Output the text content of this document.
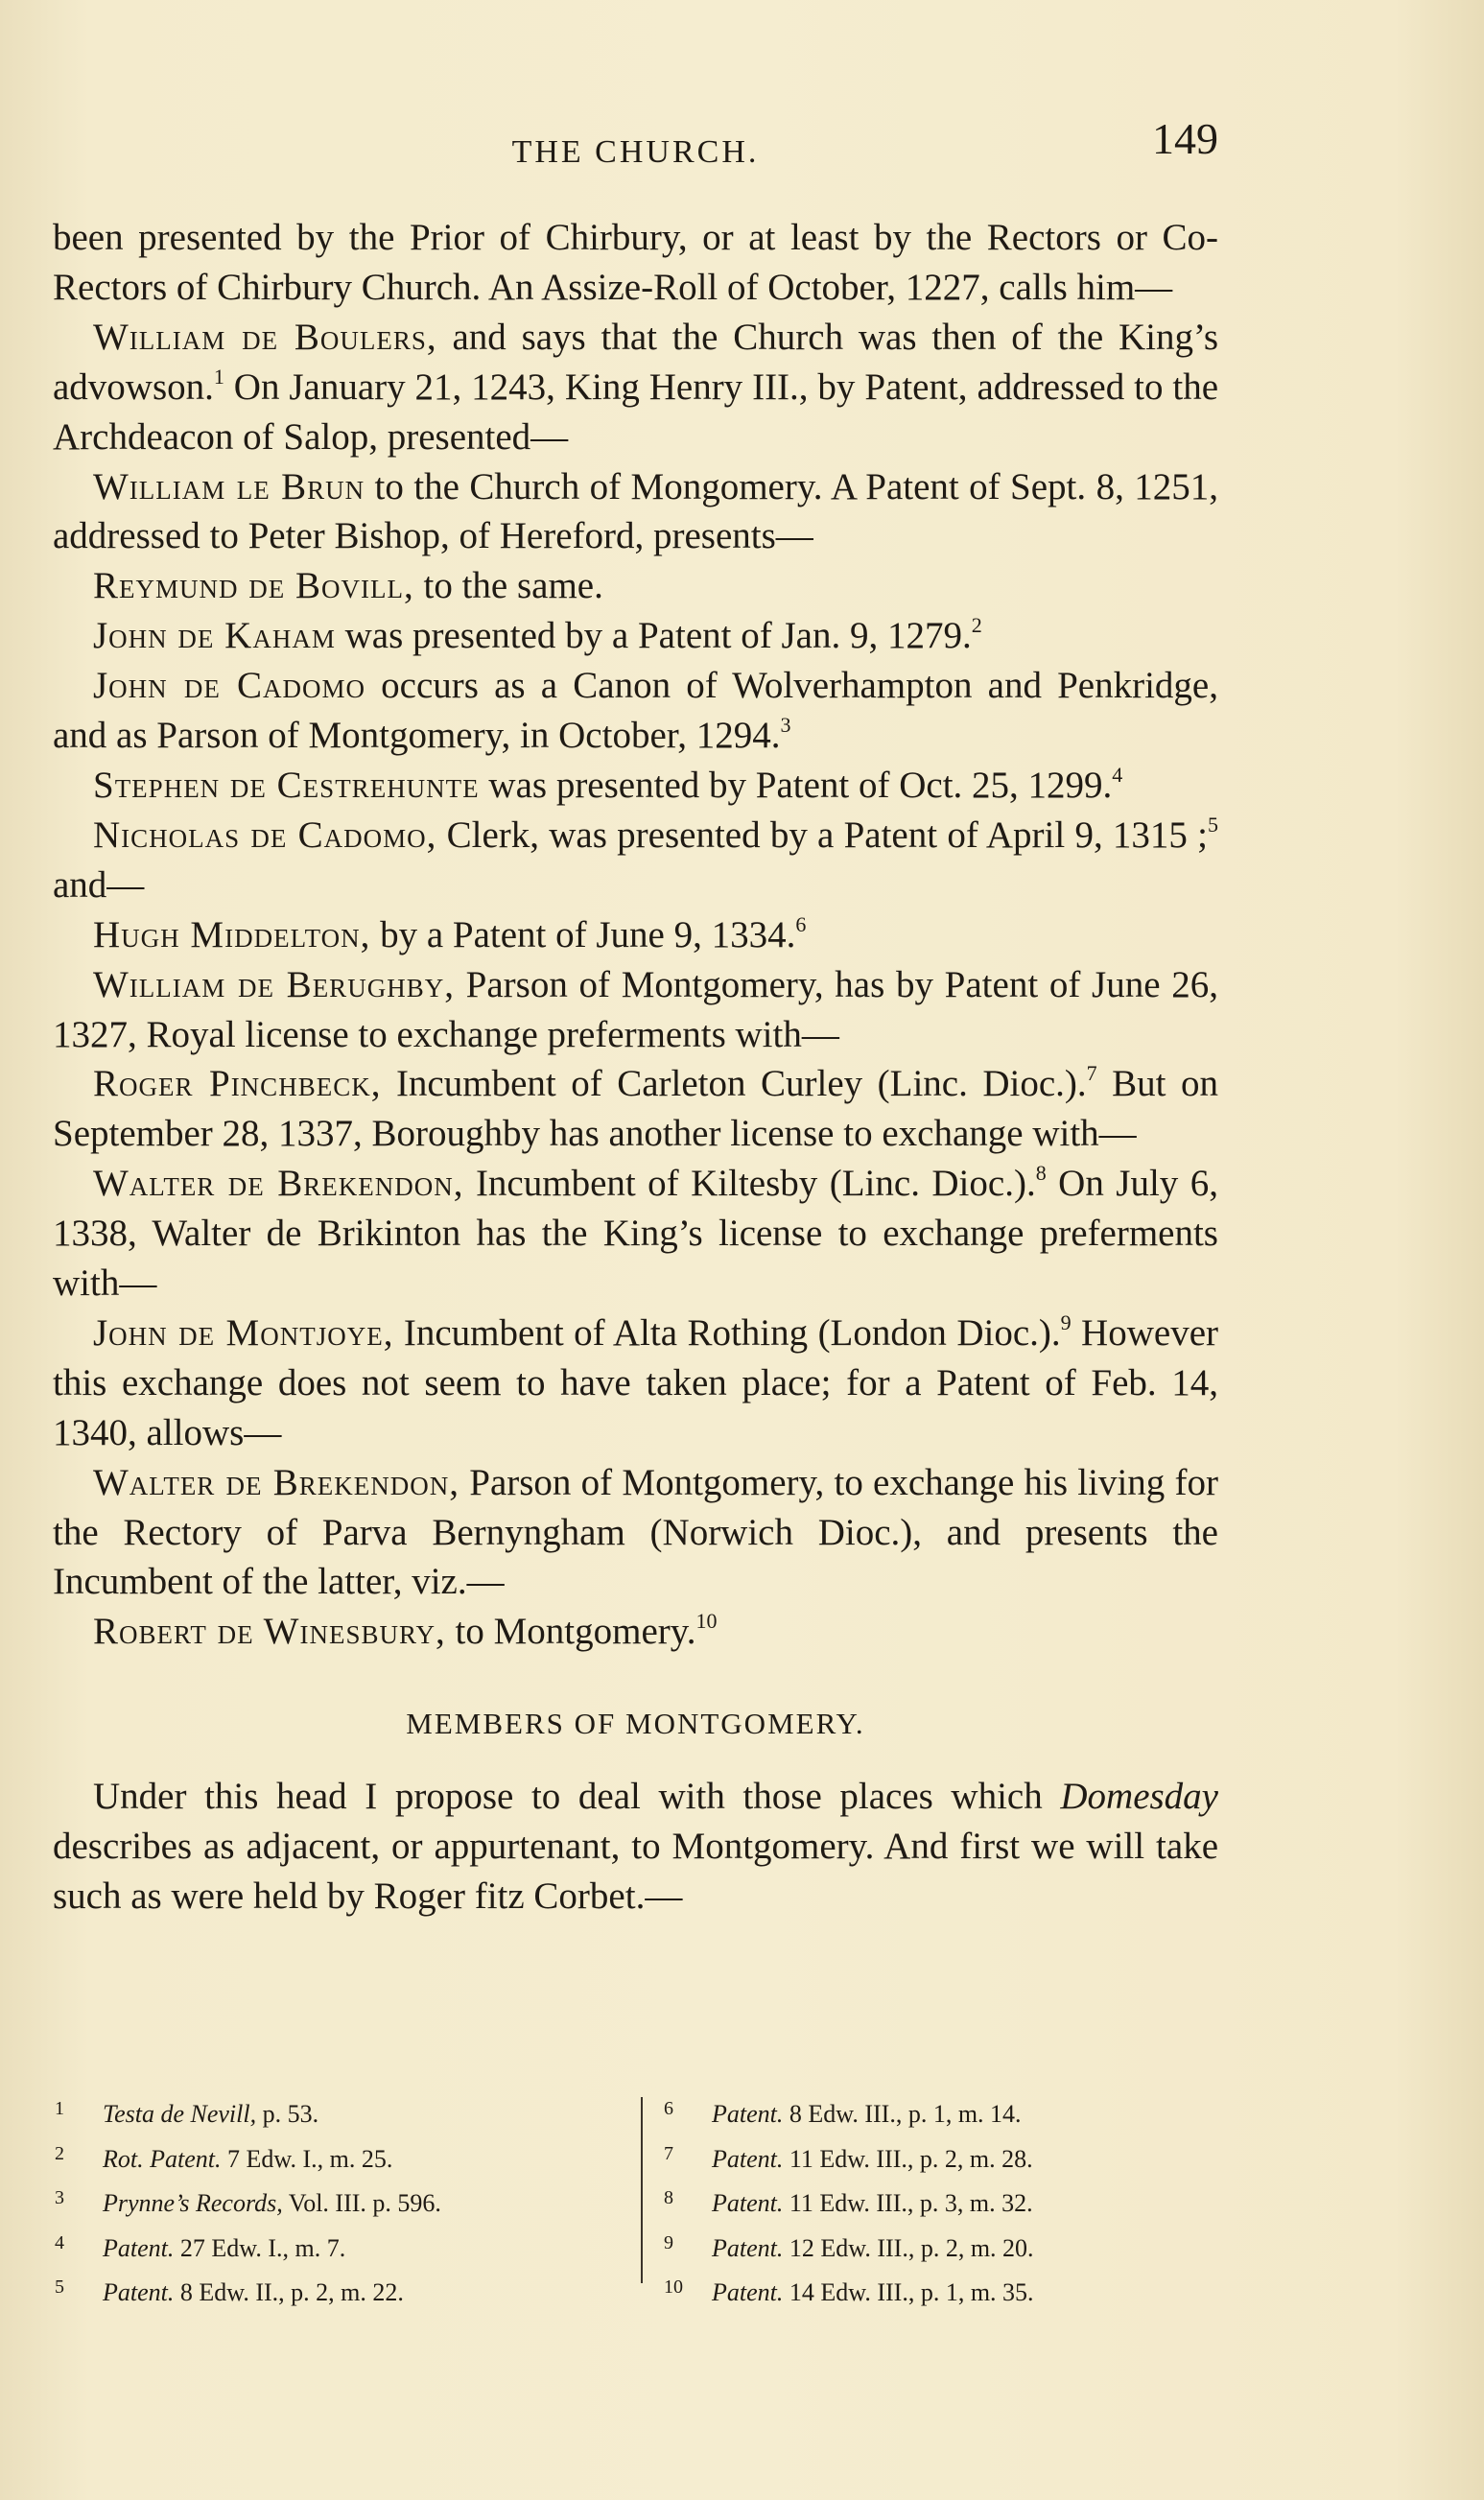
THE CHURCH.	149

been presented by the Prior of Chirbury, or at least by the Rectors or Co-Rectors of Chirbury Church. An Assize-Roll of October, 1227, calls him—

William de Boulers, and says that the Church was then of the King’s advowson.$^1$ On January 21, 1243, King Henry III., by Patent, addressed to the Archdeacon of Salop, presented—

William le Brun to the Church of Mongomery. A Patent of Sept. 8, 1251, addressed to Peter Bishop, of Hereford, presents—

Reymund de Bovill, to the same.

John de Kaham was presented by a Patent of Jan. 9, 1279.$^2$

John de Cadomo occurs as a Canon of Wolverhampton and Penkridge, and as Parson of Montgomery, in October, 1294.$^3$

Stephen de Cestrehunte was presented by Patent of Oct. 25, 1299.$^4$

Nicholas de Cadomo, Clerk, was presented by a Patent of April 9, 1315 ;$^5$ and—

Hugh Middelton, by a Patent of June 9, 1334.$^6$

William de Berughby, Parson of Montgomery, has by Patent of June 26, 1327, Royal license to exchange preferments with—

Roger Pinchbeck, Incumbent of Carleton Curley (Linc. Dioc.).$^7$ But on September 28, 1337, Boroughby has another license to exchange with—

Walter de Brekendon, Incumbent of Kiltesby (Linc. Dioc.).$^8$ On July 6, 1338, Walter de Brikinton has the King’s license to exchange preferments with—

John de Montjoye, Incumbent of Alta Rothing (London Dioc.).$^9$ However this exchange does not seem to have taken place; for a Patent of Feb. 14, 1340, allows—

Walter de Brekendon, Parson of Montgomery, to exchange his living for the Rectory of Parva Bernyngham (Norwich Dioc.), and presents the Incumbent of the latter, viz.—

Robert de Winesbury, to Montgomery.$^{10}$

MEMBERS OF MONTGOMERY.

Under this head I propose to deal with those places which Domesday describes as adjacent, or appurtenant, to Montgomery. And first we will take such as were held by Roger fitz Corbet.—

1 Testa de Nevill, p. 53.
2 Rot. Patent. 7 Edw. I., m. 25.
3 Prynne’s Records, Vol. III. p. 596.
4 Patent. 27 Edw. I., m. 7.
5 Patent. 8 Edw. II., p. 2, m. 22.
6 Patent. 8 Edw. III., p. 1, m. 14.
7 Patent. 11 Edw. III., p. 2, m. 28.
8 Patent. 11 Edw. III., p. 3, m. 32.
9 Patent. 12 Edw. III., p. 2, m. 20.
10 Patent. 14 Edw. III., p. 1, m. 35.
